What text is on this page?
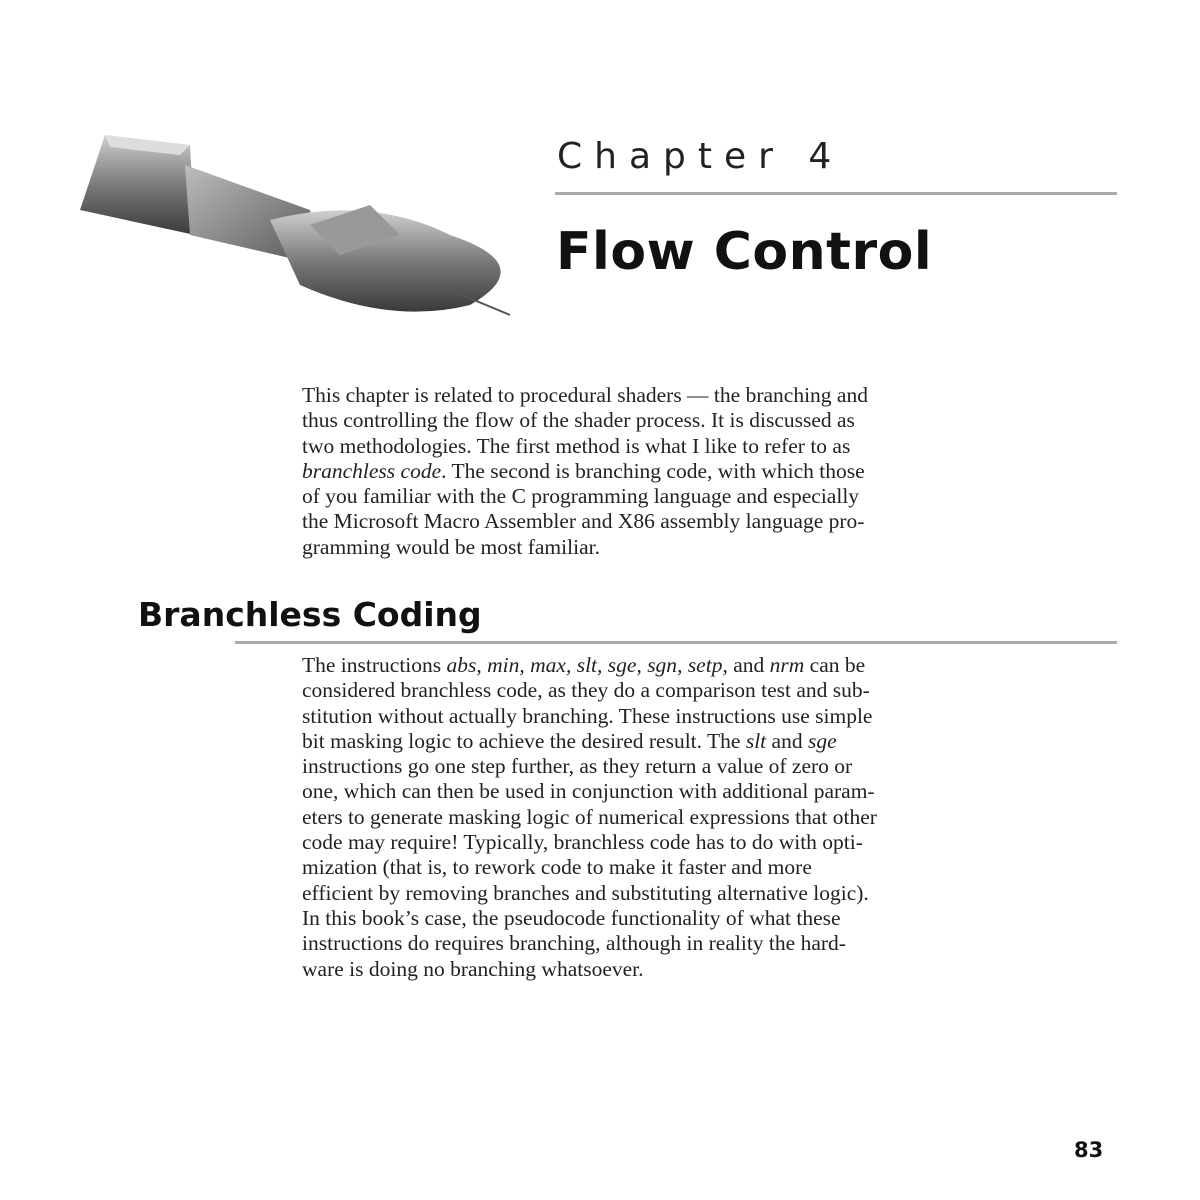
Chapter 4
Flow Control
This chapter is related to procedural shaders — the branching and
thus controlling the flow of the shader process. It is discussed as
two methodologies. The first method is what I like to refer to as
branchless code. The second is branching code, with which those
of you familiar with the C programming language and especially
the Microsoft Macro Assembler and X86 assembly language pro-
gramming would be most familiar.
Branchless Coding
The instructions abs, min, max, slt, sge, sgn, setp, and nrm can be
considered branchless code, as they do a comparison test and sub-
stitution without actually branching. These instructions use simple
bit masking logic to achieve the desired result. The slt and sge
instructions go one step further, as they return a value of zero or
one, which can then be used in conjunction with additional param-
eters to generate masking logic of numerical expressions that other
code may require! Typically, branchless code has to do with opti-
mization (that is, to rework code to make it faster and more
efficient by removing branches and substituting alternative logic).
In this book’s case, the pseudocode functionality of what these
instructions do requires branching, although in reality the hard-
ware is doing no branching whatsoever.
83
